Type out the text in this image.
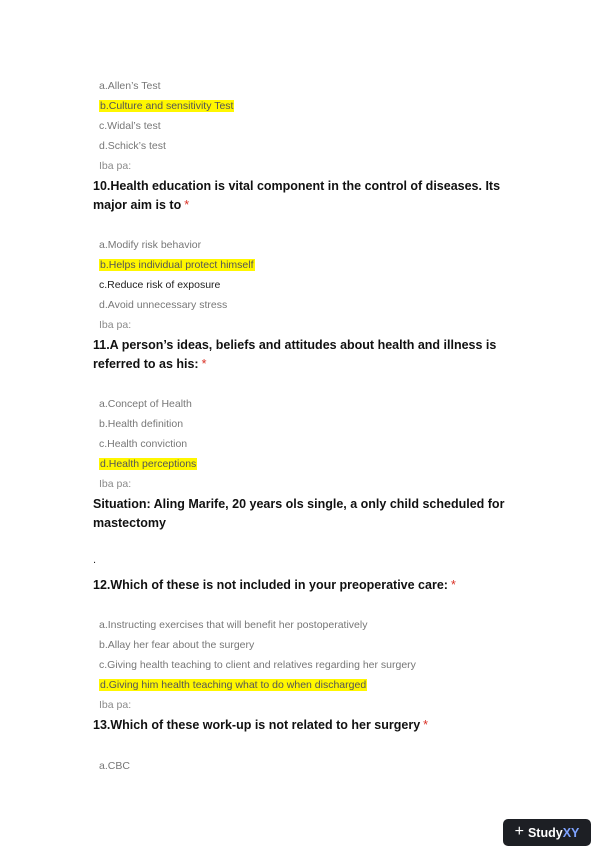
a.Allen’s Test
b.Culture and sensitivity Test
c.Widal’s test
d.Schick’s test
Iba pa:
10.Health education is vital component in the control of diseases. Its major aim is to *
a.Modify risk behavior
b.Helps individual protect himself
c.Reduce risk of exposure
d.Avoid unnecessary stress
Iba pa:
11.A person’s ideas, beliefs and attitudes about health and illness is referred to as his: *
a.Concept of Health
b.Health definition
c.Health conviction
d.Health perceptions
Iba pa:
Situation: Aling Marife, 20 years ols single, a only child scheduled for mastectomy
.
12.Which of these is not included in your preoperative care: *
a.Instructing exercises that will benefit her postoperatively
b.Allay her fear about the surgery
c.Giving health teaching to client and relatives regarding her surgery
d.Giving him health teaching what to do when discharged
Iba pa:
13.Which of these work-up is not related to her surgery *
a.CBC
+ StudyXY
